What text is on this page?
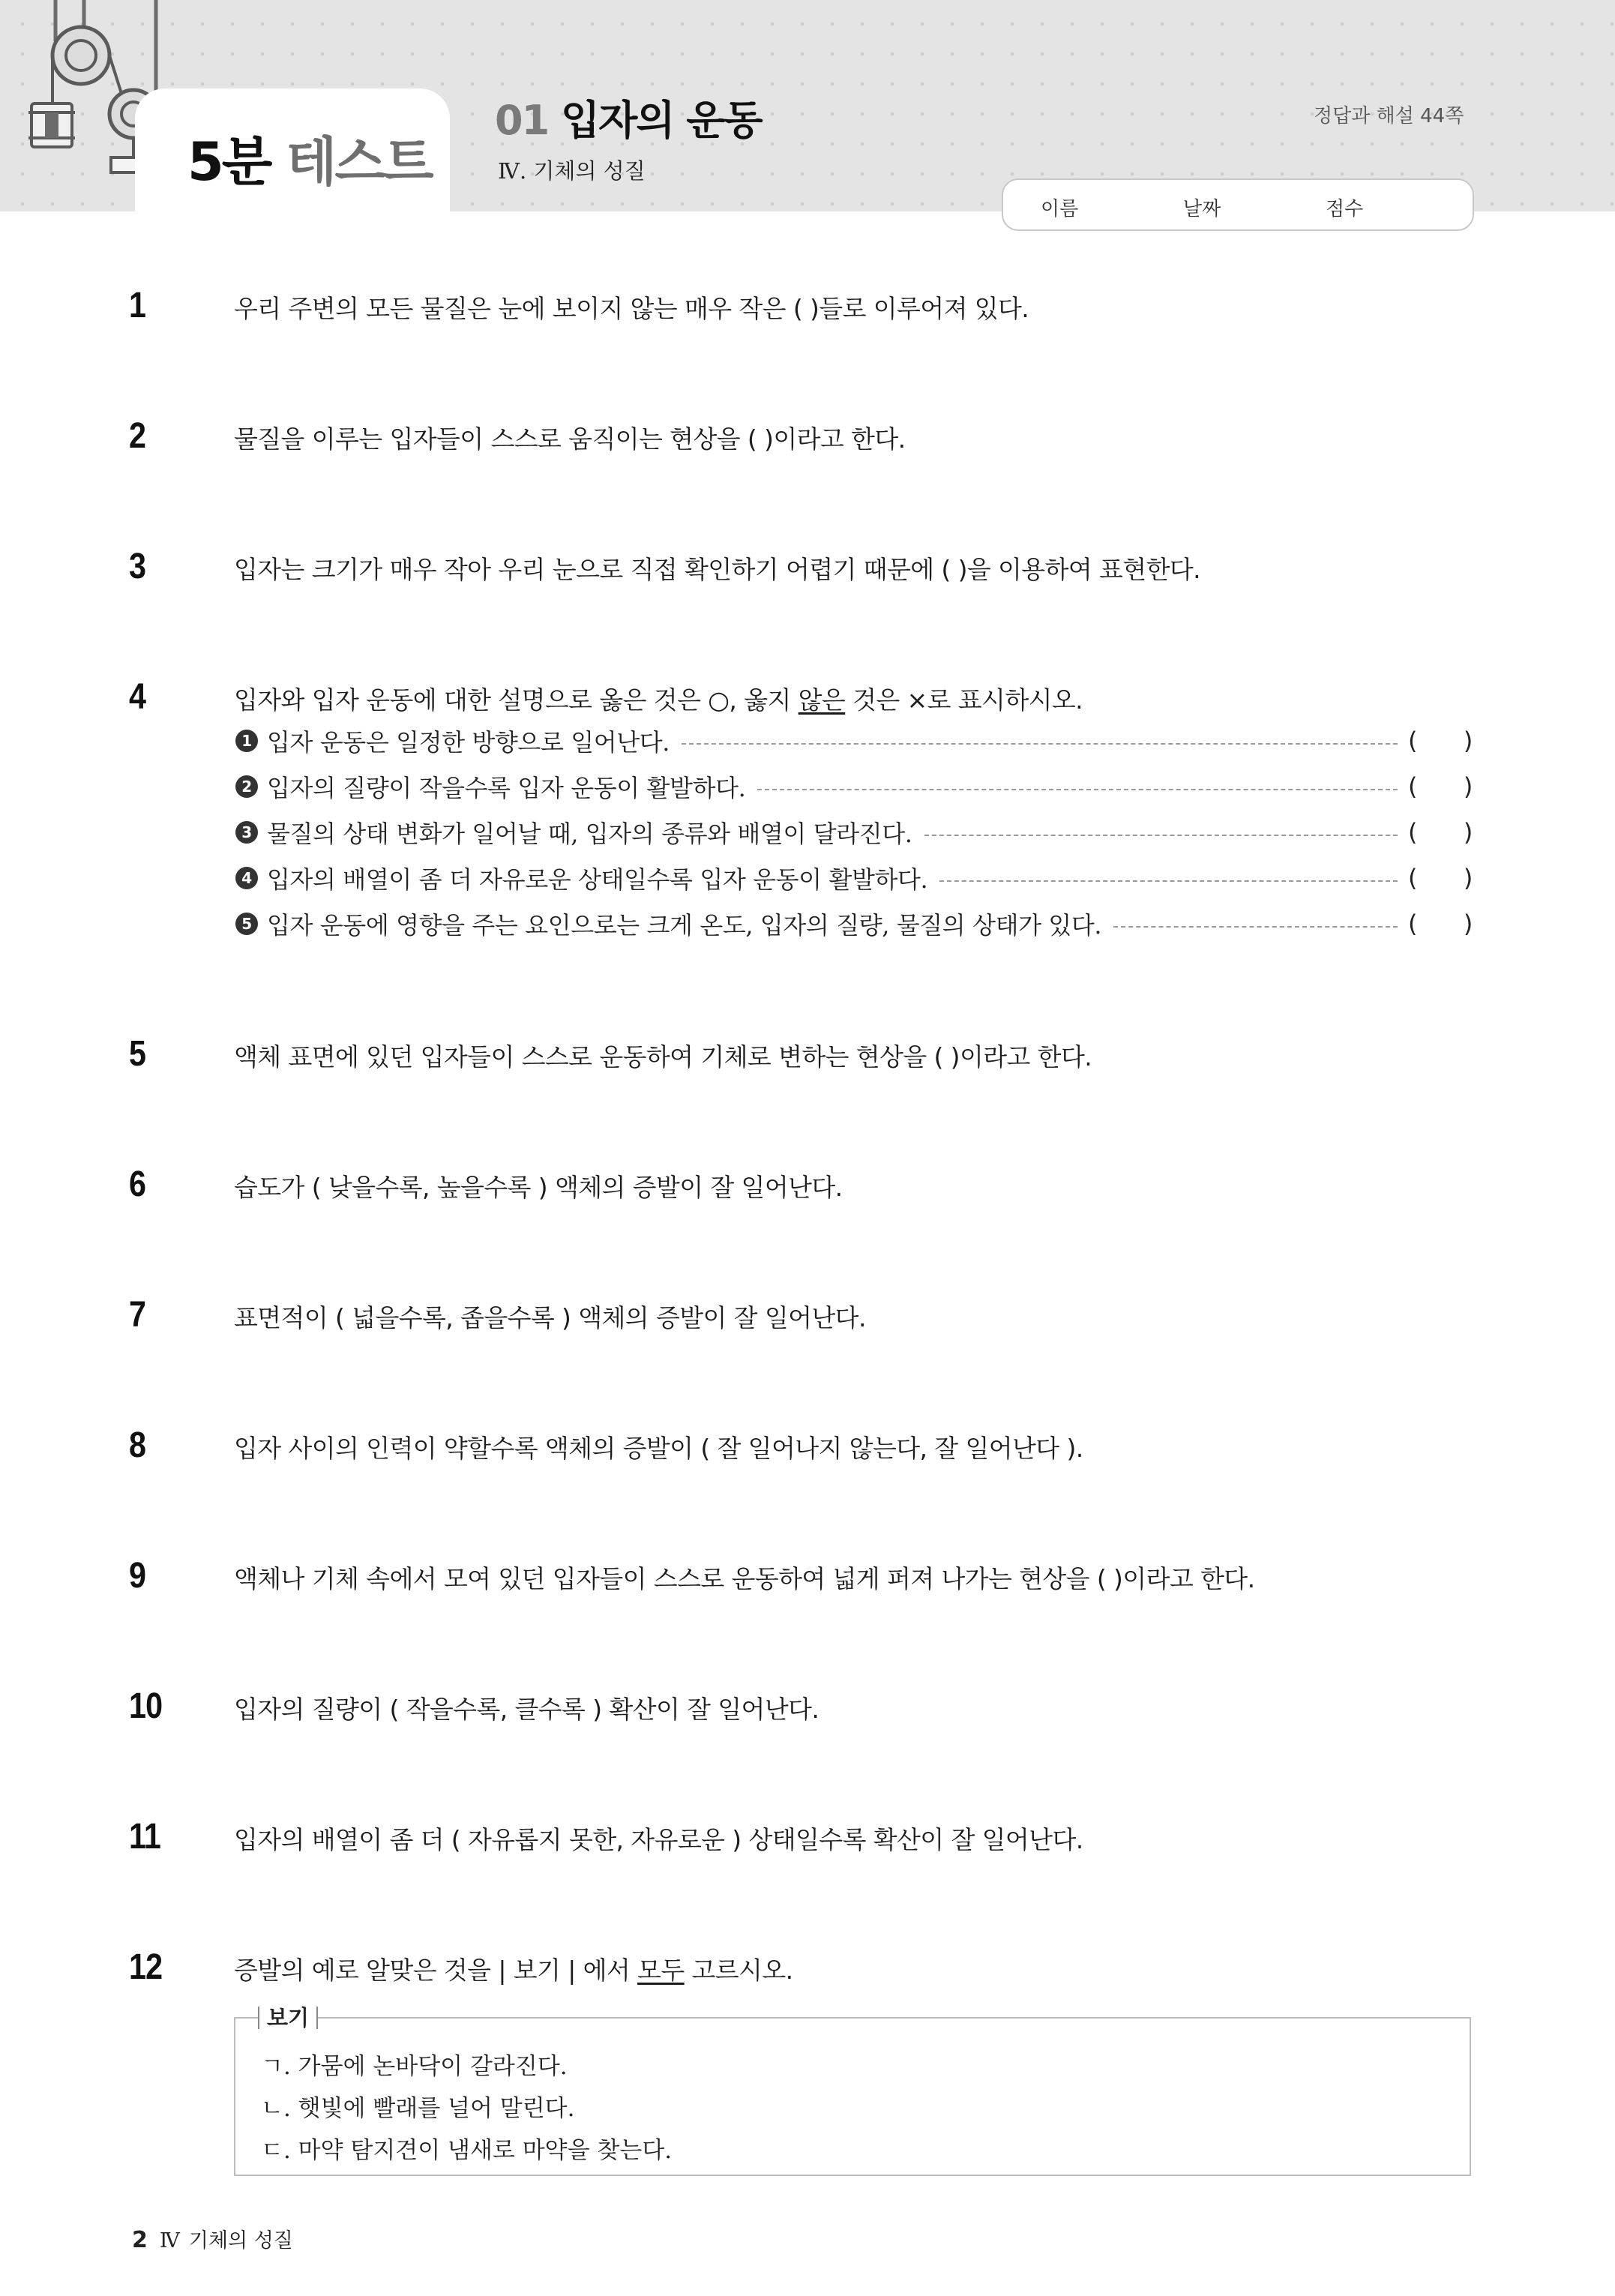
5분 테스트
01 입자의 운동
Ⅳ. 기체의 성질
정답과 해설 44쪽
이름	날짜	점수
1	우리 주변의 모든 물질은 눈에 보이지 않는 매우 작은 ( )들로 이루어져 있다.
2	물질을 이루는 입자들이 스스로 움직이는 현상을 ( )이라고 한다.
3	입자는 크기가 매우 작아 우리 눈으로 직접 확인하기 어렵기 때문에 ( )을 이용하여 표현한다.
4	입자와 입자 운동에 대한 설명으로 옳은 것은 ○, 옳지 않은 것은 ×로 표시하시오.
1 입자 운동은 일정한 방향으로 일어난다.	( )
2 입자의 질량이 작을수록 입자 운동이 활발하다.	( )
3 물질의 상태 변화가 일어날 때, 입자의 종류와 배열이 달라진다.	( )
4 입자의 배열이 좀 더 자유로운 상태일수록 입자 운동이 활발하다.	( )
5 입자 운동에 영향을 주는 요인으로는 크게 온도, 입자의 질량, 물질의 상태가 있다.	( )
5	액체 표면에 있던 입자들이 스스로 운동하여 기체로 변하는 현상을 ( )이라고 한다.
6	습도가 ( 낮을수록, 높을수록 ) 액체의 증발이 잘 일어난다.
7	표면적이 ( 넓을수록, 좁을수록 ) 액체의 증발이 잘 일어난다.
8	입자 사이의 인력이 약할수록 액체의 증발이 ( 잘 일어나지 않는다, 잘 일어난다 ).
9	액체나 기체 속에서 모여 있던 입자들이 스스로 운동하여 넓게 퍼져 나가는 현상을 ( )이라고 한다.
10	입자의 질량이 ( 작을수록, 클수록 ) 확산이 잘 일어난다.
11	입자의 배열이 좀 더 ( 자유롭지 못한, 자유로운 ) 상태일수록 확산이 잘 일어난다.
12	증발의 예로 알맞은 것을 | 보기 | 에서 모두 고르시오.
보기
ㄱ. 가뭄에 논바닥이 갈라진다.
ㄴ. 햇빛에 빨래를 널어 말린다.
ㄷ. 마약 탐지견이 냄새로 마약을 찾는다.
2 Ⅳ 기체의 성질
